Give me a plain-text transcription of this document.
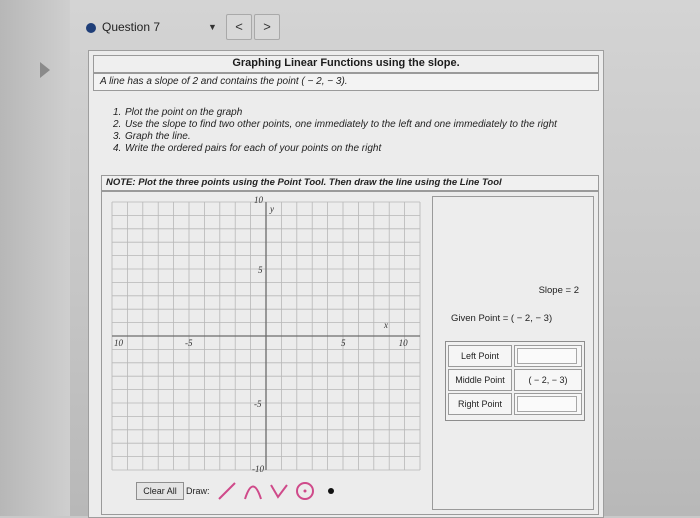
Question 7	▼	<	>
Graphing Linear Functions using the slope.
A line has a slope of 2 and contains the point ( − 2, − 3).
1. Plot the point on the graph
2. Use the slope to find two other points, one immediately to the left and one immediately to the right
3. Graph the line.
4. Write the ordered pairs for each of your points on the right
NOTE: Plot the three points using the Point Tool. Then draw the line using the Line Tool
y
x
10	-5	5	10
10
5
-5
-10
Slope = 2
Given Point = ( − 2, − 3)
Left Point
Middle Point	( − 2, − 3)
Right Point
Clear All	Draw:
